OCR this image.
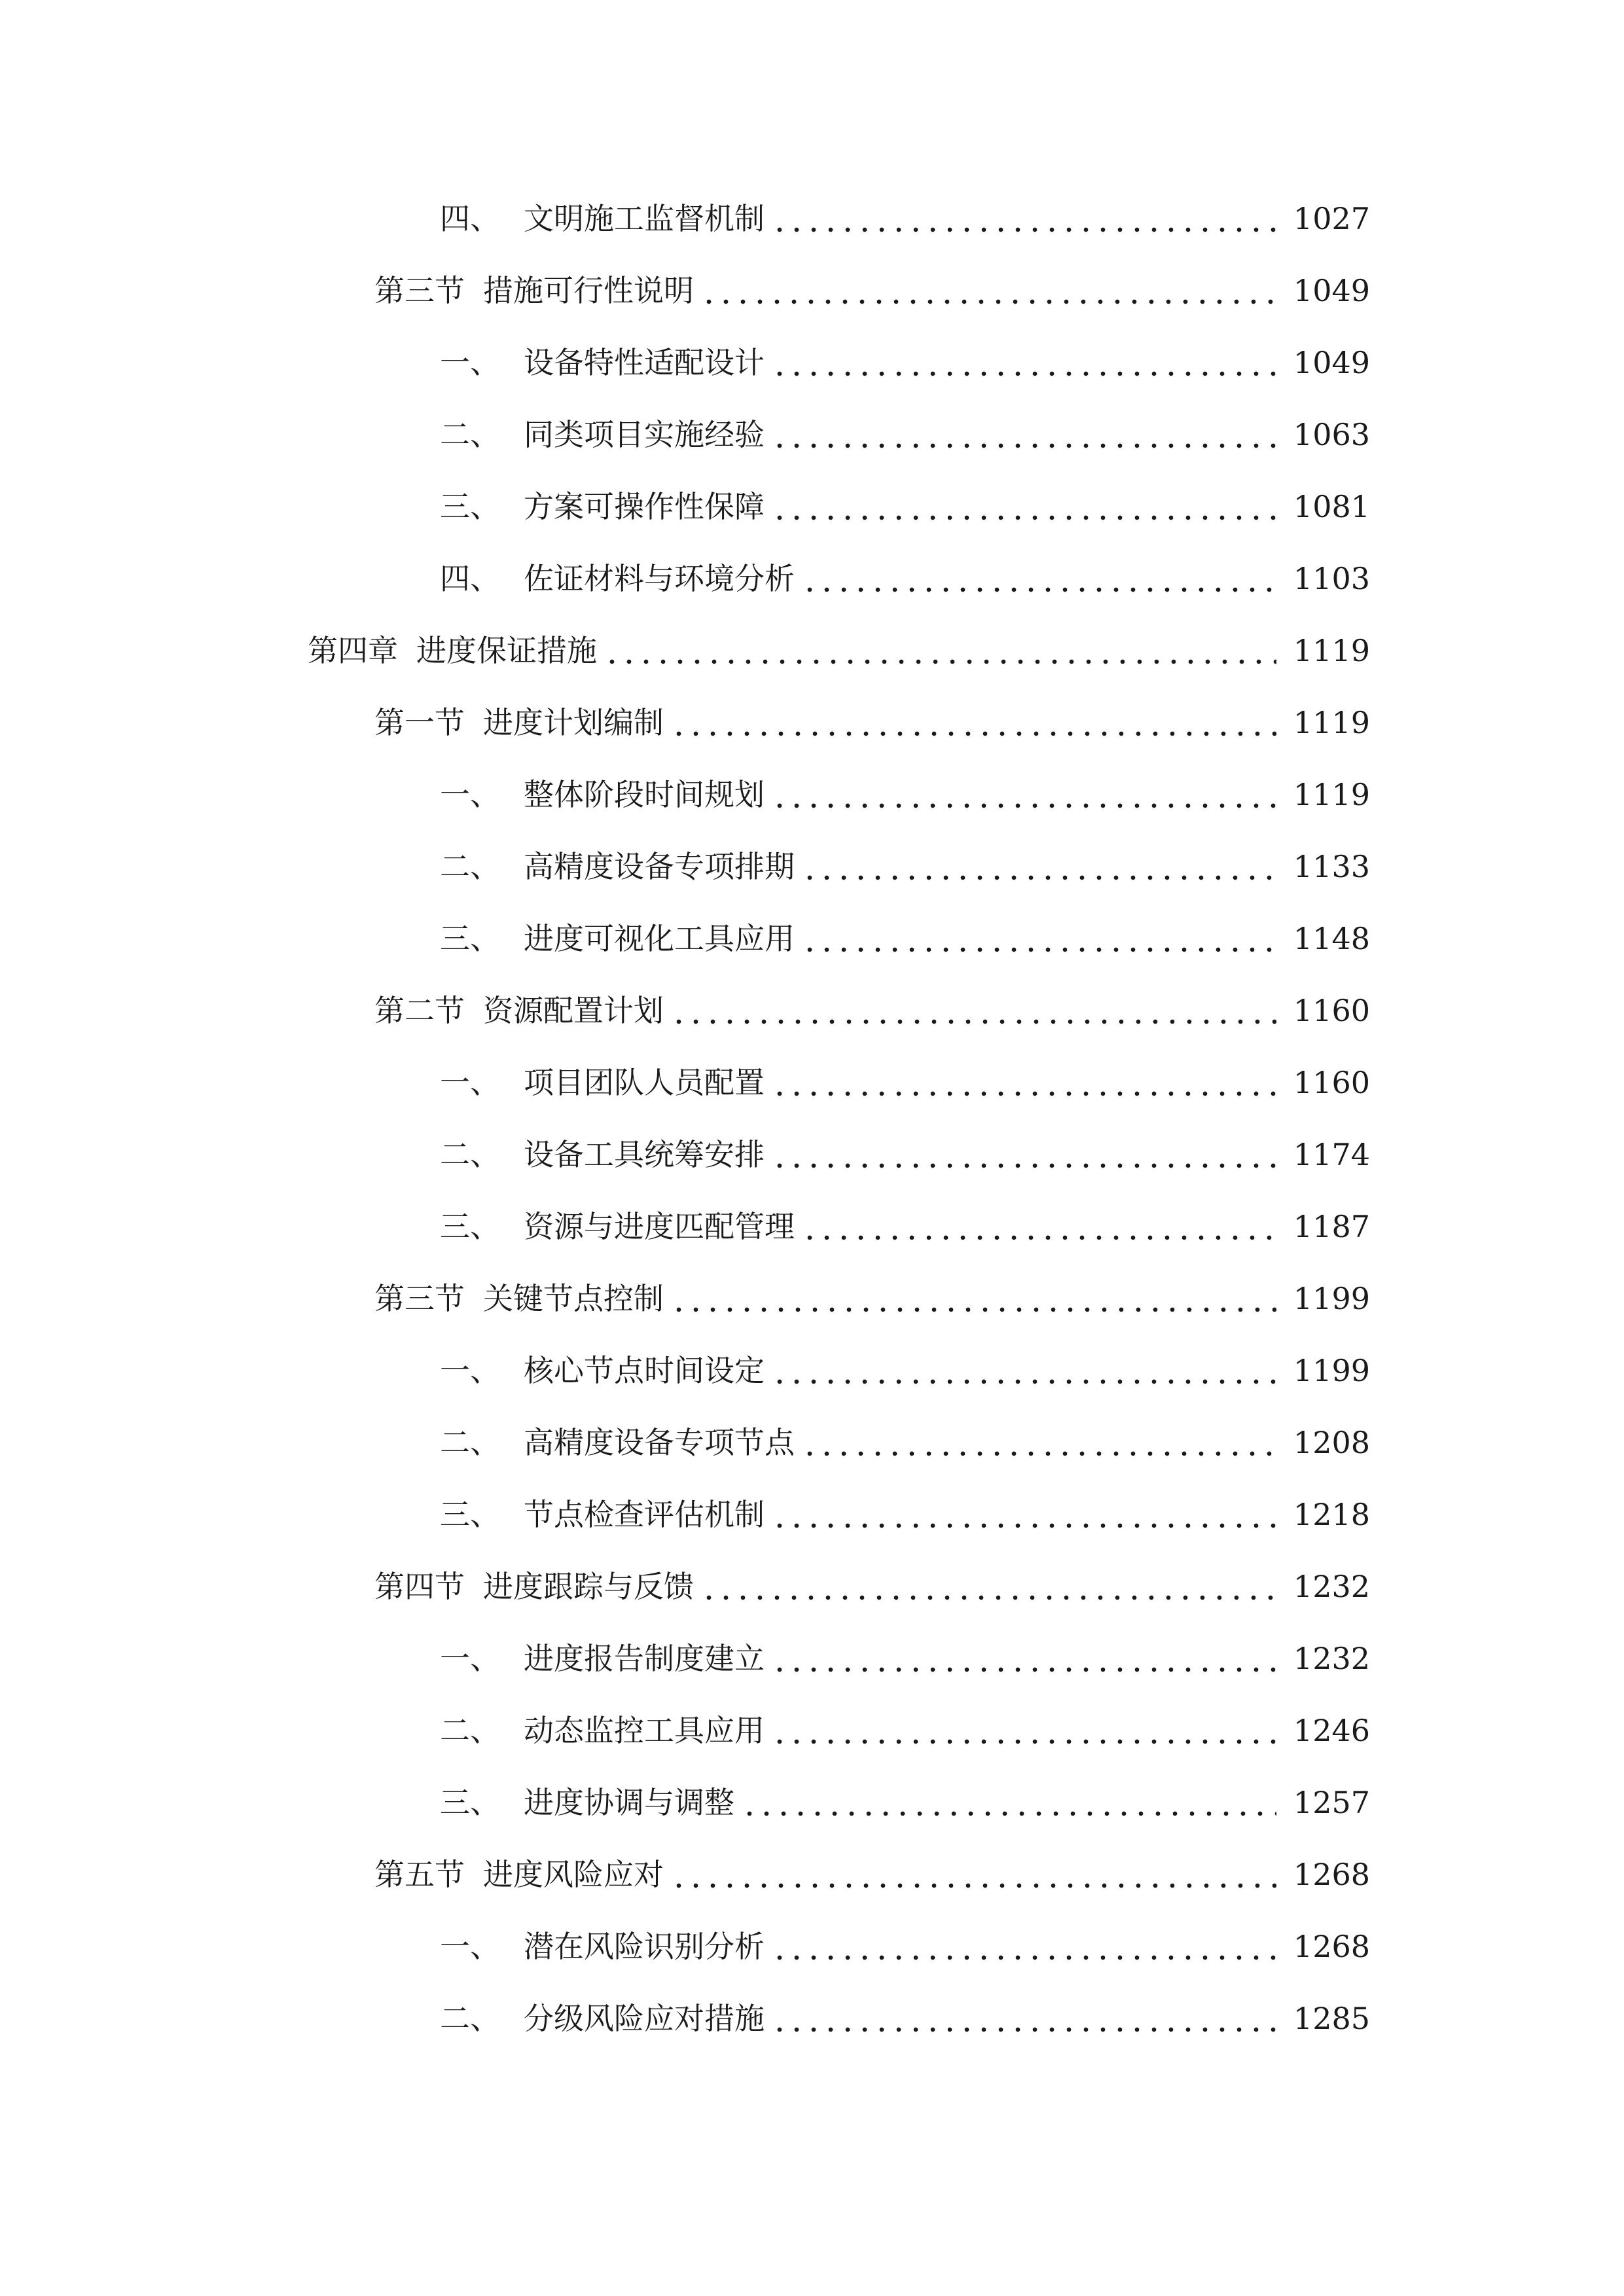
四、 文明施工监督机制	1027
第三节 措施可行性说明	1049
一、 设备特性适配设计	1049
二、 同类项目实施经验	1063
三、 方案可操作性保障	1081
四、 佐证材料与环境分析	1103
第四章 进度保证措施	1119
第一节 进度计划编制	1119
一、 整体阶段时间规划	1119
二、 高精度设备专项排期	1133
三、 进度可视化工具应用	1148
第二节 资源配置计划	1160
一、 项目团队人员配置	1160
二、 设备工具统筹安排	1174
三、 资源与进度匹配管理	1187
第三节 关键节点控制	1199
一、 核心节点时间设定	1199
二、 高精度设备专项节点	1208
三、 节点检查评估机制	1218
第四节 进度跟踪与反馈	1232
一、 进度报告制度建立	1232
二、 动态监控工具应用	1246
三、 进度协调与调整	1257
第五节 进度风险应对	1268
一、 潜在风险识别分析	1268
二、 分级风险应对措施	1285
